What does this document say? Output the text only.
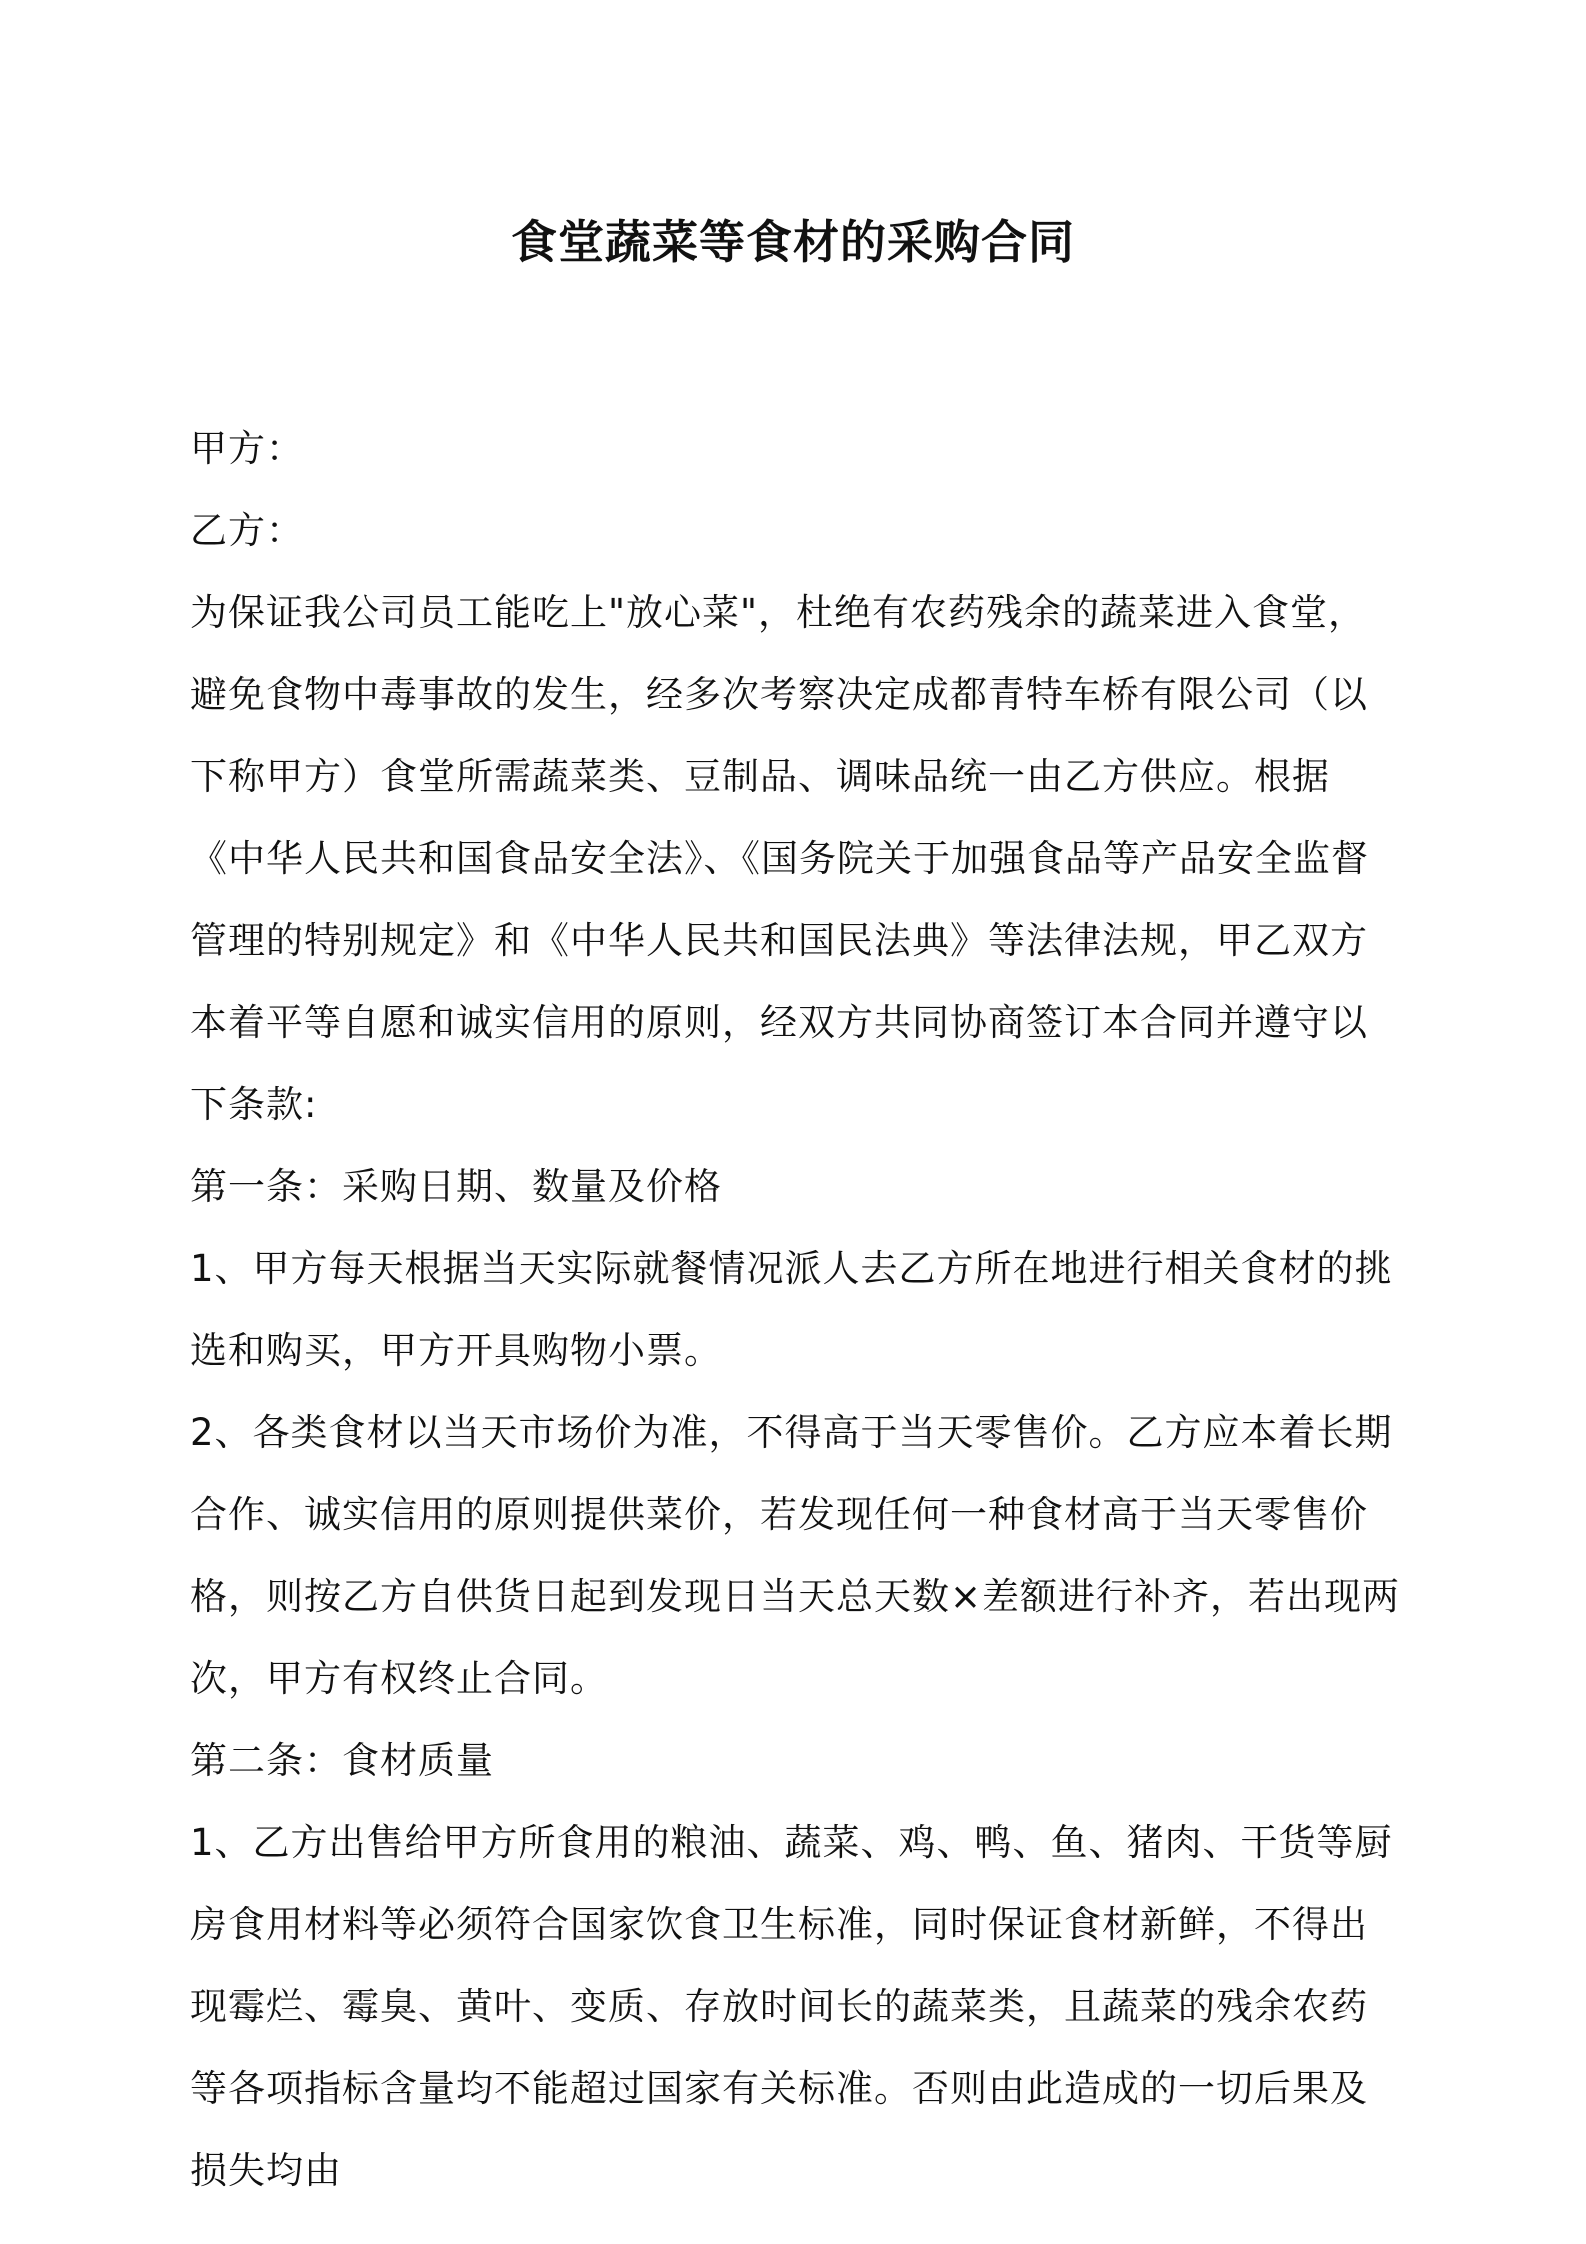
食堂蔬菜等食材的采购合同

甲方：

乙方：

为保证我公司员工能吃上"放心菜"，杜绝有农药残余的蔬菜进入食堂，避免食物中毒事故的发生，经多次考察决定成都青特车桥有限公司（以下称甲方）食堂所需蔬菜类、豆制品、调味品统一由乙方供应。根据《中华人民共和国食品安全法》、《国务院关于加强食品等产品安全监督管理的特别规定》和《中华人民共和国民法典》等法律法规，甲乙双方本着平等自愿和诚实信用的原则，经双方共同协商签订本合同并遵守以下条款:

第一条：采购日期、数量及价格

1、甲方每天根据当天实际就餐情况派人去乙方所在地进行相关食材的挑选和购买，甲方开具购物小票。

2、各类食材以当天市场价为准，不得高于当天零售价。乙方应本着长期合作、诚实信用的原则提供菜价，若发现任何一种食材高于当天零售价格，则按乙方自供货日起到发现日当天总天数×差额进行补齐，若出现两次，甲方有权终止合同。

第二条：食材质量

1、乙方出售给甲方所食用的粮油、蔬菜、鸡、鸭、鱼、猪肉、干货等厨房食用材料等必须符合国家饮食卫生标准，同时保证食材新鲜，不得出现霉烂、霉臭、黄叶、变质、存放时间长的蔬菜类，且蔬菜的残余农药等各项指标含量均不能超过国家有关标准。否则由此造成的一切后果及损失均由
